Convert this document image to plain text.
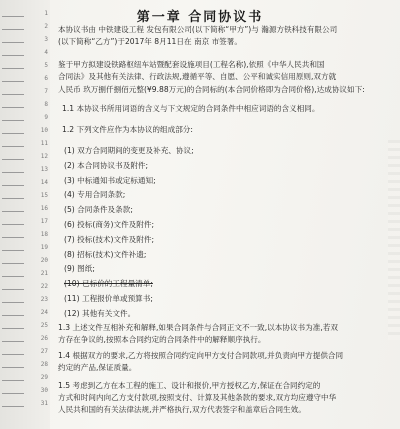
1
2
3
4
5
6
7
8
9
10
11
12
13
14
15
16
17
18
19
20
21
22
23
24
25
26
27
28
29
30
31
第一章 合同协议书
本协议书由 中铁建设工程 发包有限公司(以下简称“甲方”)与 瀚源方铁科技有限公司
(以下简称“乙方”)于2017年 8月11日在 南京 市签署。
鉴于甲方拟建设铁路枢纽车站暨配套设施项目(工程名称),依照《中华人民共和国
合同法》及其他有关法律、行政法规,遵循平等、自愿、公平和诚实信用原则,双方就
人民币 玖万捌仟捌佰元整(¥9.88万元)的合同标的(本合同价格即为合同价格),达成协议如下:
1.1 本协议书所用词语的含义与下文规定的合同条件中相应词语的含义相同。
1.2 下列文件应作为本协议的组成部分:
(1) 双方合同期间的变更及补充、协议;
(2) 本合同协议书及附件;
(3) 中标通知书或定标通知;
(4) 专用合同条款;
(5) 合同条件及条款;
(6) 投标(商务)文件及附件;
(7) 投标(技术)文件及附件;
(8) 招标(技术)文件补遗;
(9) 图纸;
(10) 已标价的工程量清单;
(11) 工程报价单或预算书;
(12) 其他有关文件。
1.3 上述文件互相补充和解释,如果合同条件与合同正文不一致,以本协议书为准,若双
方存在争议的,按照本合同约定的合同条件中的解释顺序执行。
1.4 根据双方的要求,乙方将按照合同约定向甲方支付合同款项,并负责向甲方提供合同
约定的产品,保证质量。
1.5 考虑到乙方在本工程的施工、设计和报价,甲方授权乙方,保证在合同约定的
方式和时间内向乙方支付款项,按照支付、计算及其他条款的要求,双方均应遵守中华
人民共和国的有关法律法规,并严格执行,双方代表签字和盖章后合同生效。
